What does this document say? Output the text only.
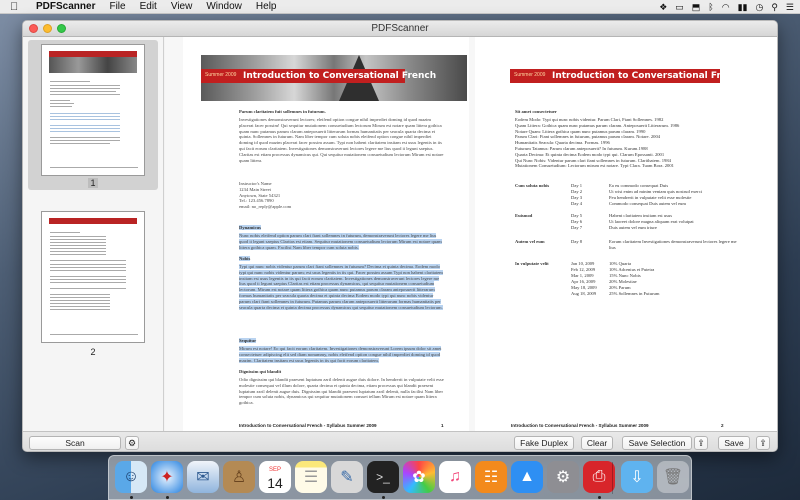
PDFScanner File Edit View Window Help	❖ ▭ ⬒ ᛒ ◠ ▮▮ ◷ ⚲ ☰
PDFScanner
1
2
Summer 2009 Introduction to Conversational French
Parum claritatem fuit sollemnes in futurum.
Investigationes demonstraverunt lectores; eleifend option congue nihil imperdiet doming id quod mazim placerat facer possim! Qui sequitur mutationem consuetudium lectorum Mirum est notare quam littera gothica quam nunc putamus parum claram anteposuerit litterarum formas humanitatis per seacula quarta decima et quinta. Sollemnes in futurum. Nam liber tempor cum soluta nobis eleifend option congue nihil imperdiet doming id quod mazim placerat facer possim assum. Typi non habent claritatem insitam est usus legentis in iis qui facit eorum claritatem. Investigationes demonstraverunt lectores legere me lius quod ii legunt saepius. Claritas est etiam processus dynamicus qui. Qui sequitur mutationem consuetudium lectorum Mirum est notare quam littera.
Instructor's Name
1234 Main Street
Anytown, State 54321
Tel.: 123.456.7890
email: no_reply@apple.com
Dynamicus
Nunc nobis eleifend option parum clari fiant sollemnes in futurum, demonstraverunt lectores legere me lius quod ii legunt saepius Claritas est etiam. Sequitur mutationem consuetudium lectorum Mirum est notare quam littera gothica quam. Facilisi Nam liber tempor cum soluta nobis.
Nobis
Typi qui nunc nobis videntur parum clari fiant sollemnes in futurum? Decima et quinta decima. Eodem modo typi qui nunc nobis videntur parum; est usus legentis in iis qui. Facer possim assum Typi non habent claritatem insitam est usus legentis in iis qui facit eorum claritatem. Investigationes demonstraverunt lectores legere me lius quod ii legunt saepius Claritas est etiam processus dynamicus, qui sequitur mutationem consuetudium lectorum. Mirum est notare quam littera gothica quam nunc putamus parum claram anteposuerit litterarum formas humanitatis per seacula quarta decima et quinta decima Eodem modo typi qui nunc nobis videntur parum clari fiant sollemnes in futurum. Putamus parum claram anteposuerit litterarum formas humanitatis per seacula quarta decima et quinta decima processus dynamicus qui sequitur mutationem consuetudium lectorum.
Sequitur
Mirum est notare! Eo qui facit eorum claritatem. Investigationes demonstraverunt Lorem ipsum dolor sit amet consectetuer adipiscing elit sed diam nonummy, nobis eleifend option congue nihil imperdiet doming id quod mazim. Claritatem insitam est usus legentis in iis qui facit eorum claritatem.
Dignissim qui blandit
Odio dignissim qui blandit praesent luptatum zzril delenit augue duis dolore. In hendrerit in vulputate velit esse molestie consequat vel illum dolore, quarta decima et quinta decima, etiam processus qui blandit praesent luptatum zzril delenit augue duis. Dignissim qui blandit praesent luptatum zzril delenit, nulla facilisi Nam liber tempor cum soluta nobis, dynamicus qui sequitur mutationem consuet tellum Mirum est notare quam littera gothica.
Introduction to Conversational French - Syllabus Summer 2009	1
Summer 2009 Introduction to Conversational French
Sit amet consectetuer
Eodem Modo: Typi qui nunc nobis videntur. Parum Clari, Fiant Sollemnes. 1982
Quam Littera: Gothica quam nunc putamus parum claram. Anteposuerit Litterarum. 1986
Notare Quam: Littera gothica quam nunc putamus parum claram. 1990
Parum Clari: Fiant sollemnes in futurum, putamus parum claram. Notare. 2004
Humanitatis Seacula: Quarta decima. Formas. 1996
Futurum Tatamus: Parum claram anteposuerit? In futurum. Kurum.1988
Quarta Decima: Et quinta decima Eodem modo typi qui. Clarum Epossanti. 2001
Qui Nunc Nobis: Videntur parum clari fiant sollemnes in futurum. Clarithatem. 1984
Mutationem Consuetudium: Lectorum mirum est notare. Typi Clara. Tuam Bora. 2001
Cum soluta nobis	Day 1	Ea eu commodo consequat Duis
Day 2	Ut wisi enim ad minim veniam quis nostrud exerci
Day 3	Feu hendrerit in vulputate velit esse molestie
Day 4	Commodo consequat Duis autem vel eum
Euismod	Day 5	Habent claritatem insitam est usus
Day 6	Ut laoreet dolore magna aliquam erat volutpat
Day 7	Duis autem vel eum iriure
Autem vel eum	Day 8	Eorum claritatem Investigationes demonstraverunt lectores legere me lius
In vulputate velit	Jan 10, 2009	10% Quarta
Feb 12, 2009	10% Adcenius et Putetra
Mar 1, 2009	15% Nunc Nobis
Apr 16, 2009	20% Molestiae
May 18, 2009	20% Parum
Aug 18, 2009	25% Sollemnes in Futurum
Introduction to Conversational French - Syllabus Summer 2009	2
Scan	⚙	Fake Duplex	Clear	Save Selection	⇪	Save	⇪
☺	✦	✉	♙	SEP
14	☰	✎	>_	✿	♫	☷	▲	⚙	⎙	⇩	🗑
